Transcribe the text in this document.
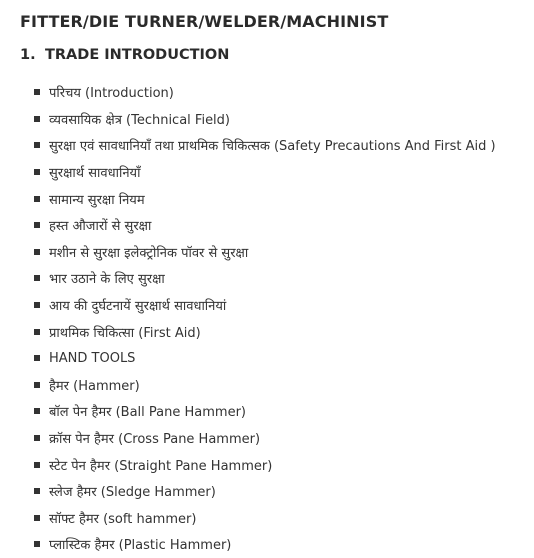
FITTER/DIE TURNER/WELDER/MACHINIST
1. TRADE INTRODUCTION
परिचय (Introduction)
व्यवसायिक क्षेत्र (Technical Field)
सुरक्षा एवं सावधानियाँ तथा प्राथमिक चिकित्सक (Safety Precautions And First Aid )
सुरक्षार्थ सावधानियाँ
सामान्य सुरक्षा नियम
हस्त औजारों से सुरक्षा
मशीन से सुरक्षा इलेक्ट्रोनिक पॉवर से सुरक्षा
भार उठाने के लिए सुरक्षा
आय की दुर्घटनायें सुरक्षार्थ सावधानियां
प्राथमिक चिकित्सा (First Aid)
HAND TOOLS
हैमर (Hammer)
बॉल पेन हैमर (Ball Pane Hammer)
क्रॉस पेन हैमर (Cross Pane Hammer)
स्टेट पेन हैमर (Straight Pane Hammer)
स्लेज हैमर (Sledge Hammer)
सॉफ्ट हैमर (soft hammer)
प्लास्टिक हैमर (Plastic Hammer)
